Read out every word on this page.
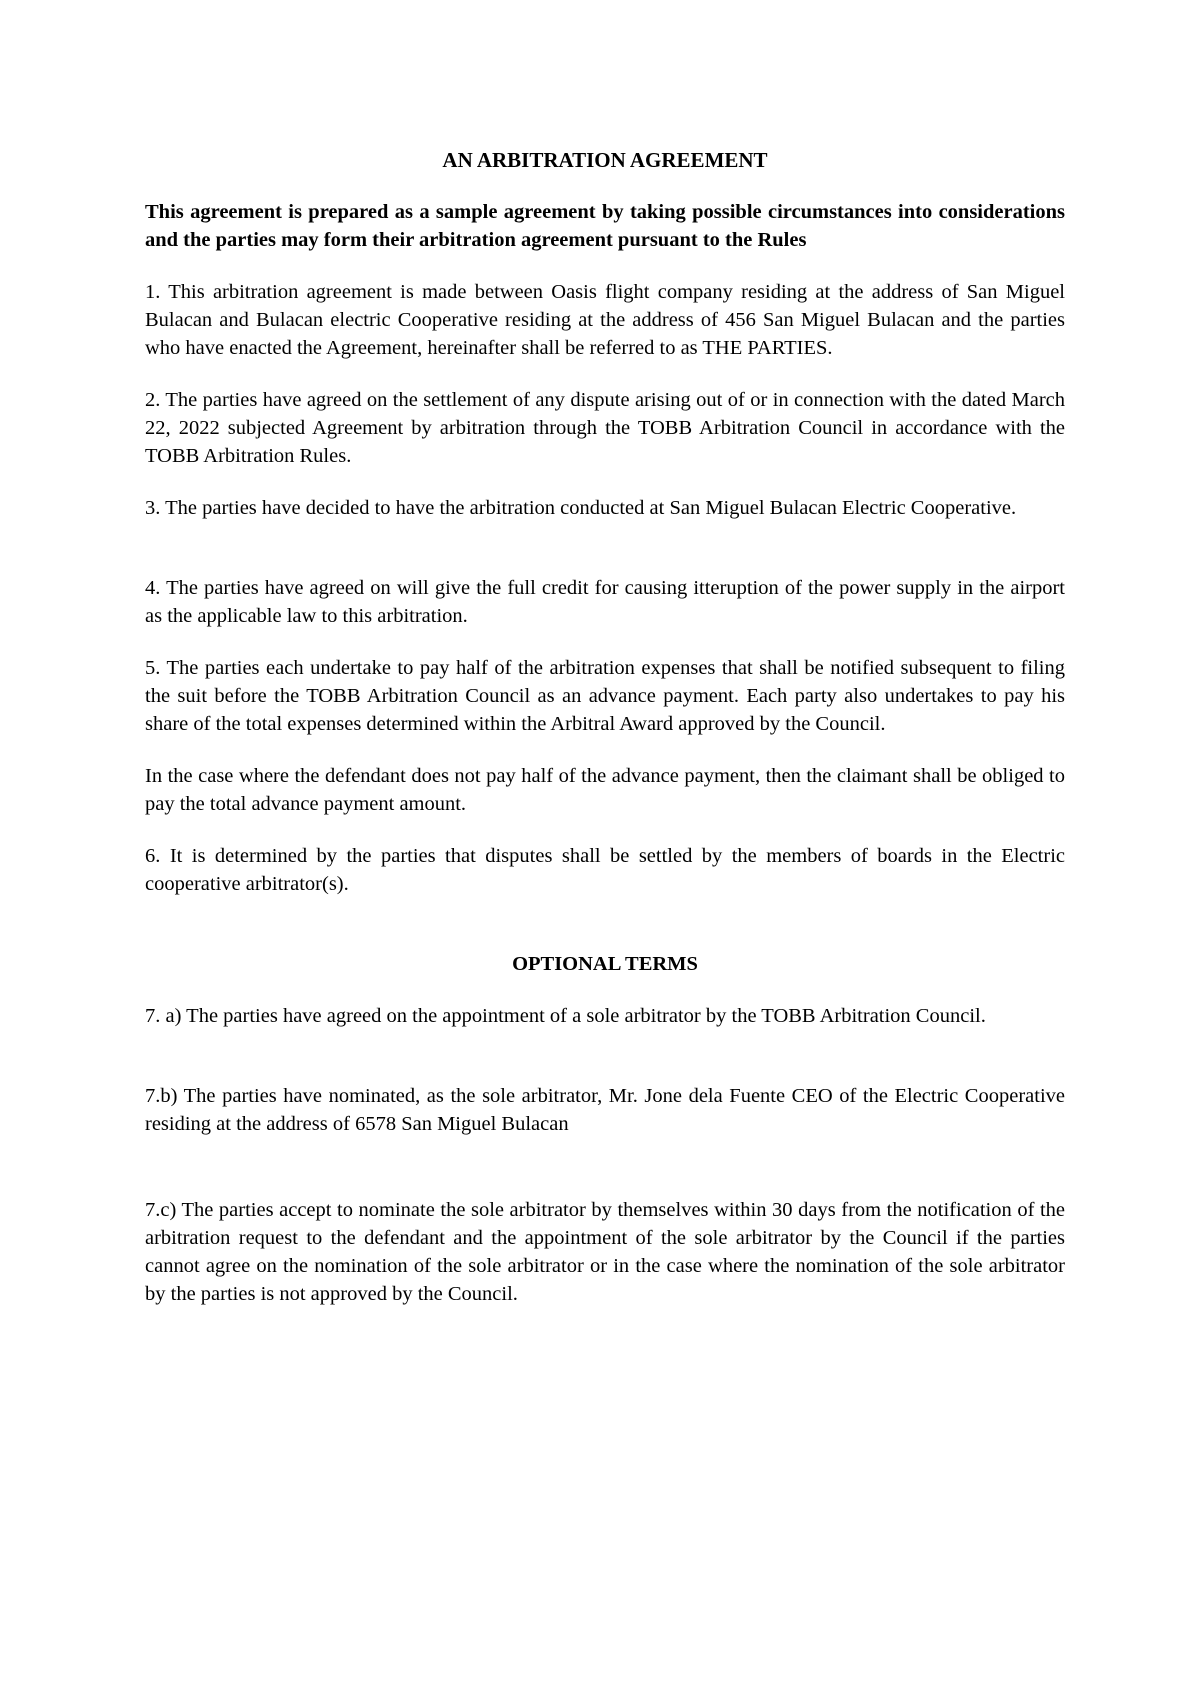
AN ARBITRATION AGREEMENT
This agreement is prepared as a sample agreement by taking possible circumstances into considerations and the parties may form their arbitration agreement pursuant to the Rules
1. This arbitration agreement is made between Oasis flight company residing at the address of San Miguel Bulacan and Bulacan electric Cooperative residing at the address of 456 San Miguel Bulacan and the parties who have enacted the Agreement, hereinafter shall be referred to as THE PARTIES.
2. The parties have agreed on the settlement of any dispute arising out of or in connection with the dated March 22, 2022 subjected Agreement by arbitration through the TOBB Arbitration Council in accordance with the TOBB Arbitration Rules.
3. The parties have decided to have the arbitration conducted at San Miguel Bulacan Electric Cooperative.
4. The parties have agreed on will give the full credit for causing itteruption of the power supply in the airport as the applicable law to this arbitration.
5. The parties each undertake to pay half of the arbitration expenses that shall be notified subsequent to filing the suit before the TOBB Arbitration Council as an advance payment. Each party also undertakes to pay his share of the total expenses determined within the Arbitral Award approved by the Council.
In the case where the defendant does not pay half of the advance payment, then the claimant shall be obliged to pay the total advance payment amount.
6. It is determined by the parties that disputes shall be settled by the members of boards in the Electric cooperative arbitrator(s).
OPTIONAL TERMS
7. a) The parties have agreed on the appointment of a sole arbitrator by the TOBB Arbitration Council.
7.b) The parties have nominated, as the sole arbitrator, Mr. Jone dela Fuente CEO of the Electric Cooperative residing at the address of 6578 San Miguel Bulacan
7.c) The parties accept to nominate the sole arbitrator by themselves within 30 days from the notification of the arbitration request to the defendant and the appointment of the sole arbitrator by the Council if the parties cannot agree on the nomination of the sole arbitrator or in the case where the nomination of the sole arbitrator by the parties is not approved by the Council.
